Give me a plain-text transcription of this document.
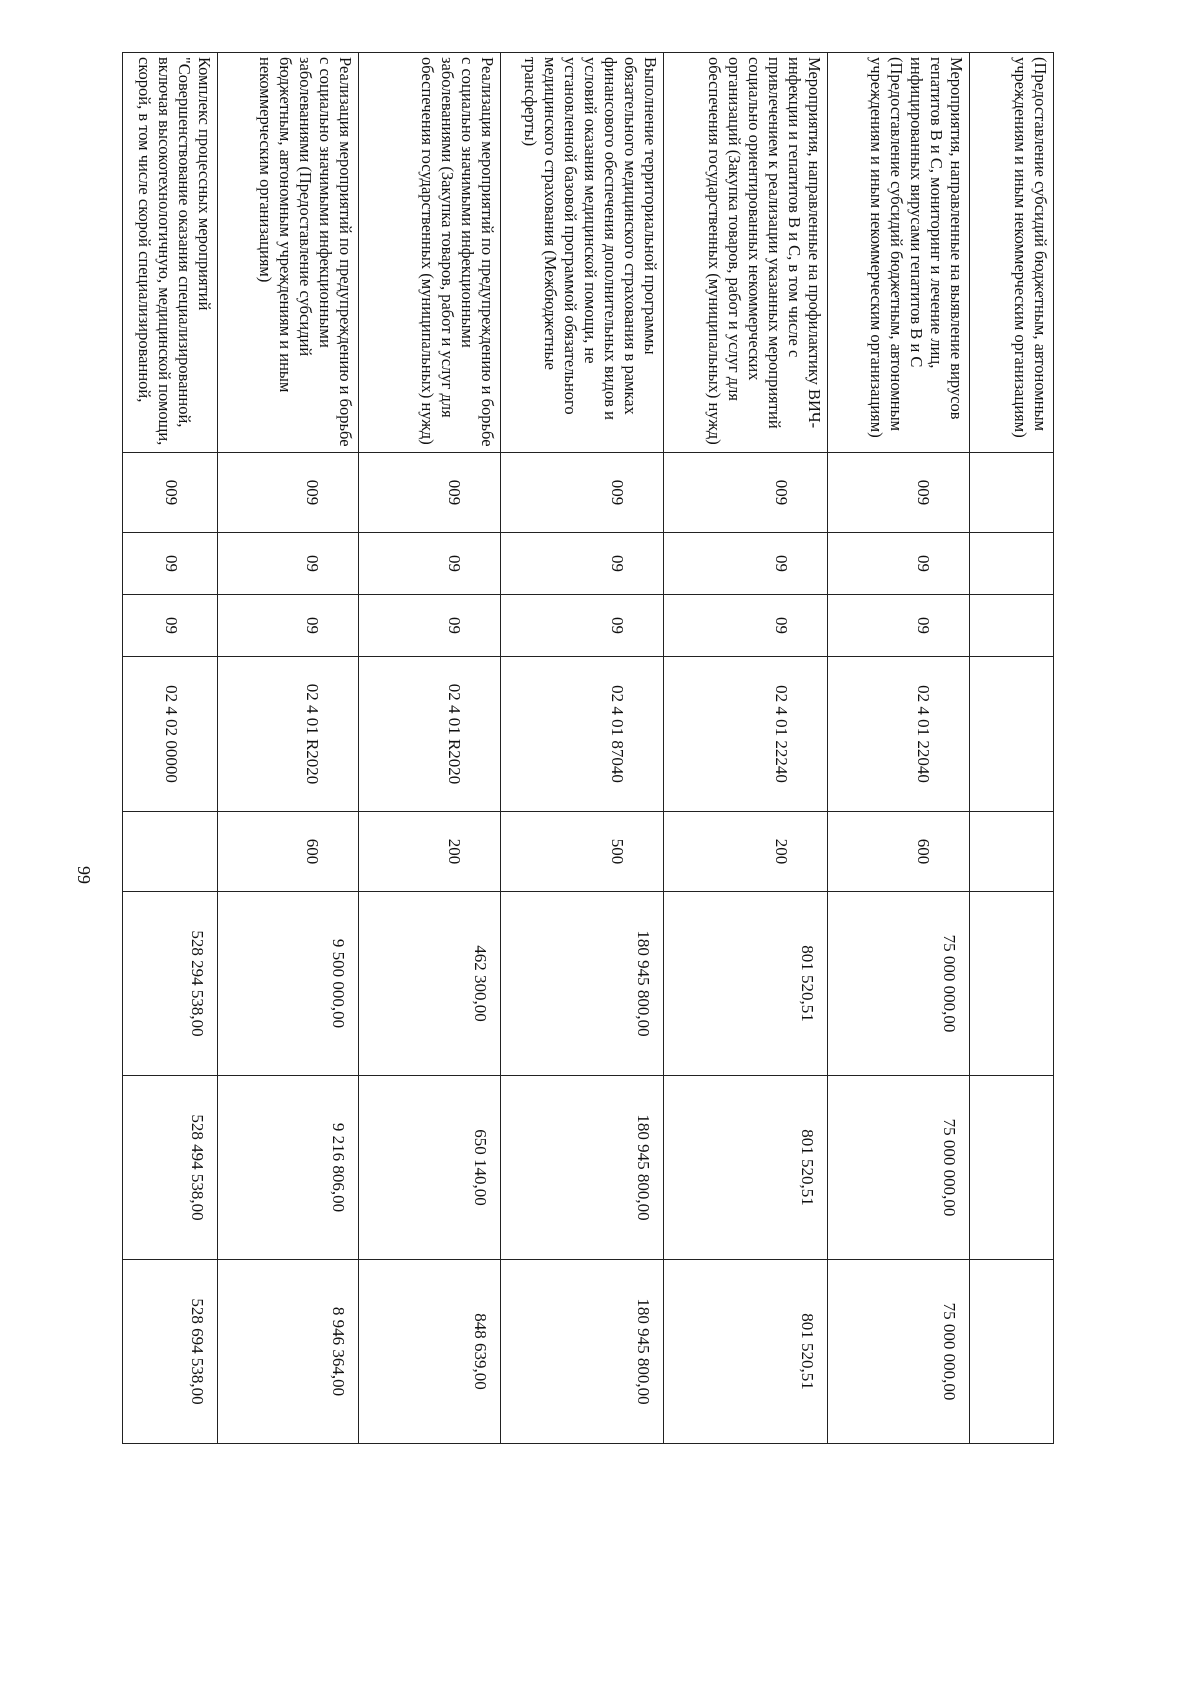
99
(Предоставление субсидий бюджетным, автономным учреждениям и иным некоммерческим организациям)								
Мероприятия, направленные на выявление вирусов гепатитов В и С, мониторинг и лечение лиц, инфицированных вирусами гепатитов В и С (Предоставление субсидий бюджетным, автономным учреждениям и иным некоммерческим организациям)	009	09	09	02 4 01 22040	600	75 000 000,00	75 000 000,00	75 000 000,00
Мероприятия, направленные на профилактику ВИЧ-инфекции и гепатитов В и С, в том числе с привлечением к реализации указанных мероприятий социально ориентированных некоммерческих организаций (Закупка товаров, работ и услуг для обеспечения государственных (муниципальных) нужд)	009	09	09	02 4 01 22240	200	801 520,51	801 520,51	801 520,51
Выполнение территориальной программы обязательного медицинского страхования в рамках финансового обеспечения дополнительных видов и условий оказания медицинской помощи, не установленной базовой программой обязательного медицинского страхования (Межбюджетные трансферты)	009	09	09	02 4 01 87040	500	180 945 800,00	180 945 800,00	180 945 800,00
Реализация мероприятий по предупреждению и борьбе с социально значимыми инфекционными заболеваниями (Закупка товаров, работ и услуг для обеспечения государственных (муниципальных) нужд)	009	09	09	02 4 01 R2020	200	462 300,00	650 140,00	848 639,00
Реализация мероприятий по предупреждению и борьбе с социально значимыми инфекционными заболеваниями (Предоставление субсидий бюджетным, автономным учреждениям и иным некоммерческим организациям)	009	09	09	02 4 01 R2020	600	9 500 000,00	9 216 806,00	8 946 364,00
Комплекс процессных мероприятий "Совершенствование оказания специализированной, включая высокотехнологичную, медицинской помощи, скорой, в том числе скорой специализированной,	009	09	09	02 4 02 00000		528 294 538,00	528 494 538,00	528 694 538,00
